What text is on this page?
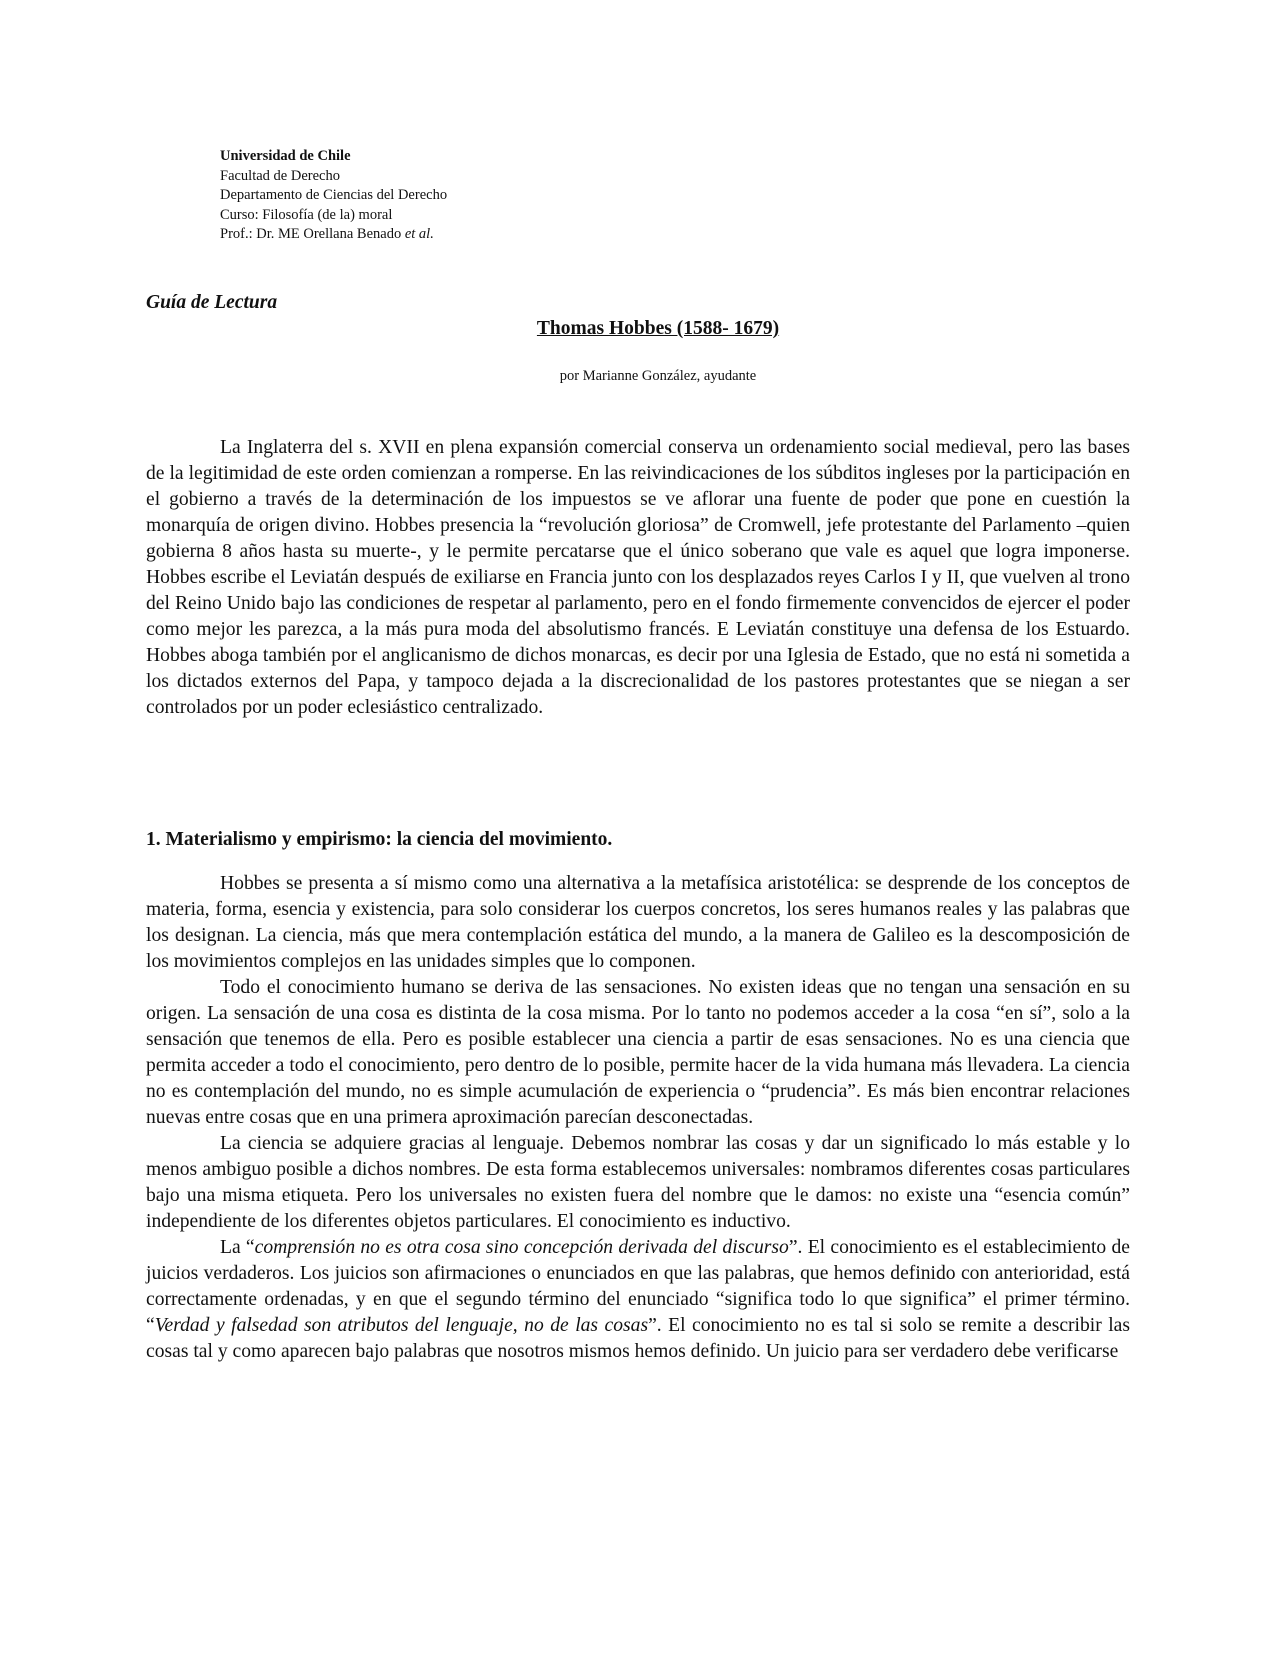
Universidad de Chile
Facultad de Derecho
Departamento de Ciencias del Derecho
Curso: Filosofía (de la) moral
Prof.: Dr. ME Orellana Benado et al.
Guía de Lectura
Thomas Hobbes (1588- 1679)
por Marianne González, ayudante

La Inglaterra del s. XVII en plena expansión comercial conserva un ordenamiento social medieval, pero las bases de la legitimidad de este orden comienzan a romperse. En las reivindicaciones de los súbditos ingleses por la participación en el gobierno a través de la determinación de los impuestos se ve aflorar una fuente de poder que pone en cuestión la monarquía de origen divino. Hobbes presencia la “revolución gloriosa” de Cromwell, jefe protestante del Parlamento –quien gobierna 8 años hasta su muerte-, y le permite percatarse que el único soberano que vale es aquel que logra imponerse. Hobbes escribe el Leviatán después de exiliarse en Francia junto con los desplazados reyes Carlos I y II, que vuelven al trono del Reino Unido bajo las condiciones de respetar al parlamento, pero en el fondo firmemente convencidos de ejercer el poder como mejor les parezca, a la más pura moda del absolutismo francés. E Leviatán constituye una defensa de los Estuardo. Hobbes aboga también por el anglicanismo de dichos monarcas, es decir por una Iglesia de Estado, que no está ni sometida a los dictados externos del Papa, y tampoco dejada a la discrecionalidad de los pastores protestantes que se niegan a ser controlados por un poder eclesiástico centralizado.

1. Materialismo y empirismo: la ciencia del movimiento.

Hobbes se presenta a sí mismo como una alternativa a la metafísica aristotélica: se desprende de los conceptos de materia, forma, esencia y existencia, para solo considerar los cuerpos concretos, los seres humanos reales y las palabras que los designan. La ciencia, más que mera contemplación estática del mundo, a la manera de Galileo es la descomposición de los movimientos complejos en las unidades simples que lo componen.

Todo el conocimiento humano se deriva de las sensaciones. No existen ideas que no tengan una sensación en su origen. La sensación de una cosa es distinta de la cosa misma. Por lo tanto no podemos acceder a la cosa “en sí”, solo a la sensación que tenemos de ella. Pero es posible establecer una ciencia a partir de esas sensaciones. No es una ciencia que permita acceder a todo el conocimiento, pero dentro de lo posible, permite hacer de la vida humana más llevadera. La ciencia no es contemplación del mundo, no es simple acumulación de experiencia o “prudencia”. Es más bien encontrar relaciones nuevas entre cosas que en una primera aproximación parecían desconectadas.

La ciencia se adquiere gracias al lenguaje. Debemos nombrar las cosas y dar un significado lo más estable y lo menos ambiguo posible a dichos nombres. De esta forma establecemos universales: nombramos diferentes cosas particulares bajo una misma etiqueta. Pero los universales no existen fuera del nombre que le damos: no existe una “esencia común” independiente de los diferentes objetos particulares. El conocimiento es inductivo.

La “comprensión no es otra cosa sino concepción derivada del discurso”. El conocimiento es el establecimiento de juicios verdaderos. Los juicios son afirmaciones o enunciados en que las palabras, que hemos definido con anterioridad, está correctamente ordenadas, y en que el segundo término del enunciado “significa todo lo que significa” el primer término. “Verdad y falsedad son atributos del lenguaje, no de las cosas”. El conocimiento no es tal si solo se remite a describir las cosas tal y como aparecen bajo palabras que nosotros mismos hemos definido. Un juicio para ser verdadero debe verificarse
